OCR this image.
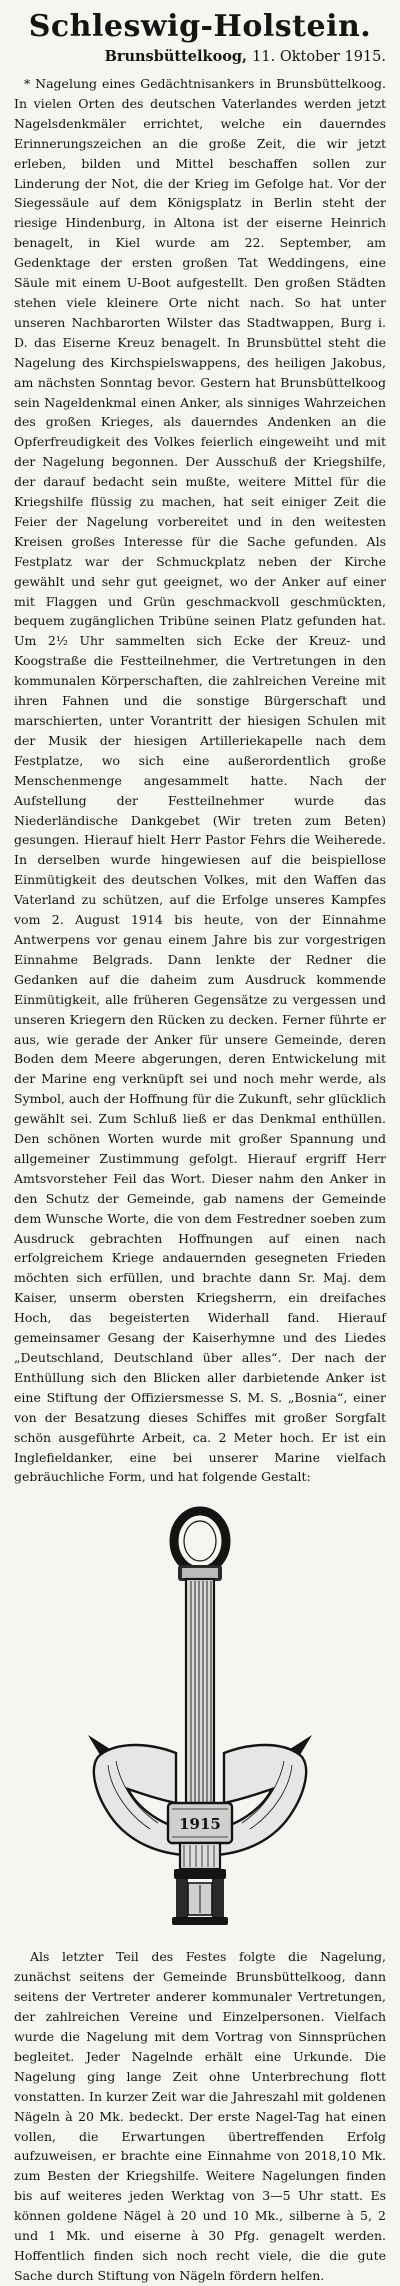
Schleswig-Holstein.
Brunsbüttelkoog, 11. Oktober 1915.

* Nagelung eines Gedächtnisankers in Brunsbüttelkoog. In vielen Orten des deutschen Vaterlandes werden jetzt Nagelsdenkmäler errichtet, welche ein dauerndes Erinnerungszeichen an die große Zeit, die wir jetzt erleben, bilden und Mittel beschaffen sollen zur Linderung der Not, die der Krieg im Gefolge hat. Vor der Siegessäule auf dem Königsplatz in Berlin steht der riesige Hindenburg, in Altona ist der eiserne Heinrich benagelt, in Kiel wurde am 22. September, am Gedenktage der ersten großen Tat Weddingens, eine Säule mit einem U-Boot aufgestellt. Den großen Städten stehen viele kleinere Orte nicht nach. So hat unter unseren Nachbarorten Wilster das Stadtwappen, Burg i. D. das Eiserne Kreuz benagelt. In Brunsbüttel steht die Nagelung des Kirchspielswappens, des heiligen Jakobus, am nächsten Sonntag bevor. Gestern hat Brunsbüttelkoog sein Nageldenkmal einen Anker, als sinniges Wahrzeichen des großen Krieges, als dauerndes Andenken an die Opferfreudigkeit des Volkes feierlich eingeweiht und mit der Nagelung begonnen. Der Ausschuß der Kriegshilfe, der darauf bedacht sein mußte, weitere Mittel für die Kriegshilfe flüssig zu machen, hat seit einiger Zeit die Feier der Nagelung vorbereitet und in den weitesten Kreisen großes Interesse für die Sache gefunden. Als Festplatz war der Schmuckplatz neben der Kirche gewählt und sehr gut geeignet, wo der Anker auf einer mit Flaggen und Grün geschmackvoll geschmückten, bequem zugänglichen Tribüne seinen Platz gefunden hat. Um 2½ Uhr sammelten sich Ecke der Kreuz- und Koogstraße die Festteilnehmer, die Vertretungen in den kommunalen Körperschaften, die zahlreichen Vereine mit ihren Fahnen und die sonstige Bürgerschaft und marschierten, unter Vorantritt der hiesigen Schulen mit der Musik der hiesigen Artilleriekapelle nach dem Festplatze, wo sich eine außerordentlich große Menschenmenge angesammelt hatte. Nach der Aufstellung der Festteilnehmer wurde das Niederländische Dankgebet (Wir treten zum Beten) gesungen. Hierauf hielt Herr Pastor Fehrs die Weiherede. In derselben wurde hingewiesen auf die beispiellose Einmütigkeit des deutschen Volkes, mit den Waffen das Vaterland zu schützen, auf die Erfolge unseres Kampfes vom 2. August 1914 bis heute, von der Einnahme Antwerpens vor genau einem Jahre bis zur vorgestrigen Einnahme Belgrads. Dann lenkte der Redner die Gedanken auf die daheim zum Ausdruck kommende Einmütigkeit, alle früheren Gegensätze zu vergessen und unseren Kriegern den Rücken zu decken. Ferner führte er aus, wie gerade der Anker für unsere Gemeinde, deren Boden dem Meere abgerungen, deren Entwickelung mit der Marine eng verknüpft sei und noch mehr werde, als Symbol, auch der Hoffnung für die Zukunft, sehr glücklich gewählt sei. Zum Schluß ließ er das Denkmal enthüllen. Den schönen Worten wurde mit großer Spannung und allgemeiner Zustimmung gefolgt. Hierauf ergriff Herr Amtsvorsteher Feil das Wort. Dieser nahm den Anker in den Schutz der Gemeinde, gab namens der Gemeinde dem Wunsche Worte, die von dem Festredner soeben zum Ausdruck gebrachten Hoffnungen auf einen nach erfolgreichem Kriege andauernden gesegneten Frieden möchten sich erfüllen, und brachte dann Sr. Maj. dem Kaiser, unserm obersten Kriegsherrn, ein dreifaches Hoch, das begeisterten Widerhall fand. Hierauf gemeinsamer Gesang der Kaiserhymne und des Liedes „Deutschland, Deutschland über alles“. Der nach der Enthüllung sich den Blicken aller darbietende Anker ist eine Stiftung der Offiziersmesse S. M. S. „Bosnia“, einer von der Besatzung dieses Schiffes mit großer Sorgfalt schön ausgeführte Arbeit, ca. 2 Meter hoch. Er ist ein Inglefieldanker, eine bei unserer Marine vielfach gebräuchliche Form, und hat folgende Gestalt:

1915

Als letzter Teil des Festes folgte die Nagelung, zunächst seitens der Gemeinde Brunsbüttelkoog, dann seitens der Vertreter anderer kommunaler Vertretungen, der zahlreichen Vereine und Einzelpersonen. Vielfach wurde die Nagelung mit dem Vortrag von Sinnsprüchen begleitet. Jeder Nagelnde erhält eine Urkunde. Die Nagelung ging lange Zeit ohne Unterbrechung flott vonstatten. In kurzer Zeit war die Jahreszahl mit goldenen Nägeln à 20 Mk. bedeckt. Der erste Nagel-Tag hat einen vollen, die Erwartungen übertreffenden Erfolg aufzuweisen, er brachte eine Einnahme von 2018,10 Mk. zum Besten der Kriegshilfe. Weitere Nagelungen finden bis auf weiteres jeden Werktag von 3—5 Uhr statt. Es können goldene Nägel à 20 und 10 Mk., silberne à 5, 2 und 1 Mk. und eiserne à 30 Pfg. genagelt werden. Hoffentlich finden sich noch recht viele, die die gute Sache durch Stiftung von Nägeln fördern helfen.
